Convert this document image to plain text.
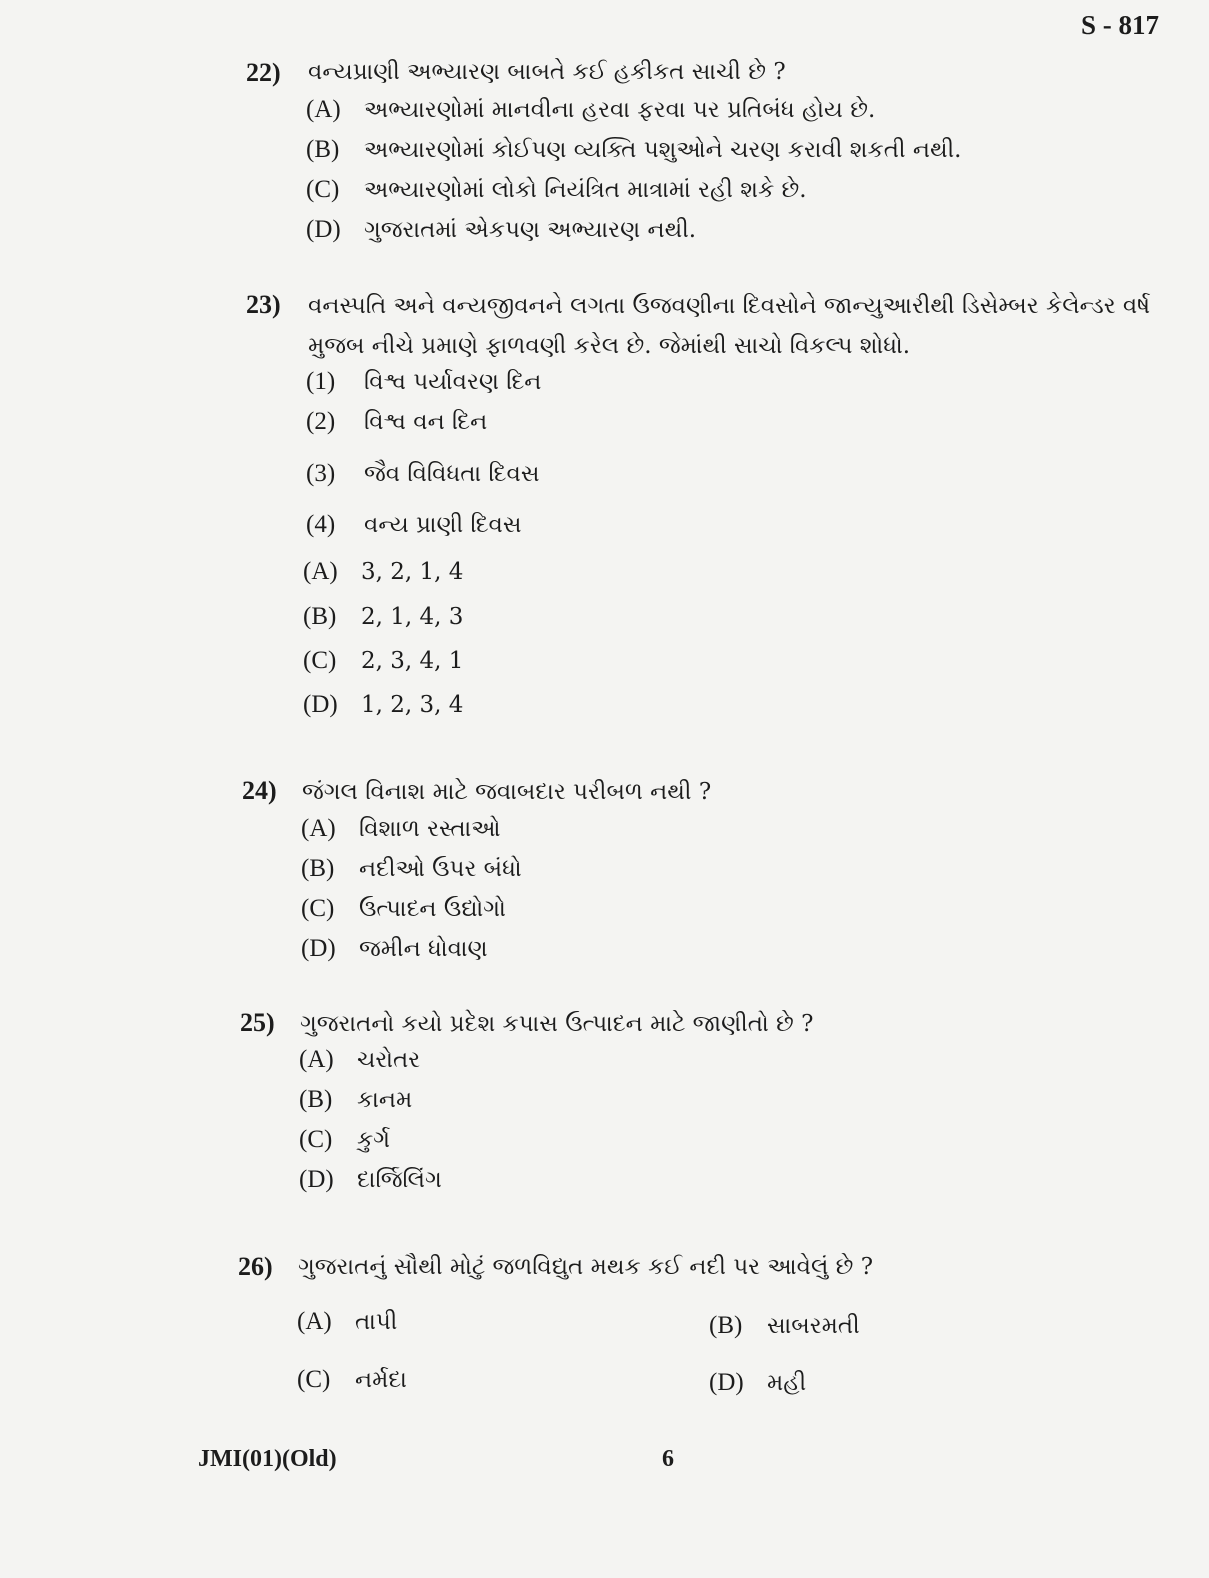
S - 817
22) વન્યપ્રાણી અભ્યારણ બાબતે કઈ હકીકત સાચી છે ?
(A) અભ્યારણોમાં માનવીના હરવા ફરવા પર પ્રતિબંધ હોય છે.
(B) અભ્યારણોમાં કોઈપણ વ્યક્તિ પશુઓને ચરણ કરાવી શકતી નથી.
(C) અભ્યારણોમાં લોકો નિયંત્રિત માત્રામાં રહી શકે છે.
(D) ગુજરાતમાં એકપણ અભ્યારણ નથી.
23) વનસ્પતિ અને વન્યજીવનને લગતા ઉજવણીના દિવસોને જાન્યુઆરીથી ડિસેમ્બર કેલેન્ડર વર્ષ
મુજબ નીચે પ્રમાણે ફાળવણી કરેલ છે. જેમાંથી સાચો વિકલ્પ શોધો.
(1) વિશ્વ પર્યાવરણ દિન
(2) વિશ્વ વન દિન
(3) જૈવ વિવિધતા દિવસ
(4) વન્ય પ્રાણી દિવસ
(A) 3, 2, 1, 4
(B) 2, 1, 4, 3
(C) 2, 3, 4, 1
(D) 1, 2, 3, 4
24) જંગલ વિનાશ માટે જવાબદાર પરીબળ નથી ?
(A) વિશાળ રસ્તાઓ
(B) નદીઓ ઉપર બંધો
(C) ઉત્પાદન ઉદ્યોગો
(D) જમીન ધોવાણ
25) ગુજરાતનો કયો પ્રદેશ કપાસ ઉત્પાદન માટે જાણીતો છે ?
(A) ચરોતર
(B) કાનમ
(C) કુર્ગ
(D) દાર્જિલિંગ
26) ગુજરાતનું સૌથી મોટું જળવિદ્યુત મથક કઈ નદી પર આવેલું છે ?
(A) તાપી	(B) સાબરમતી
(C) નર્મદા	(D) મહી
JMI(01)(Old)	6
